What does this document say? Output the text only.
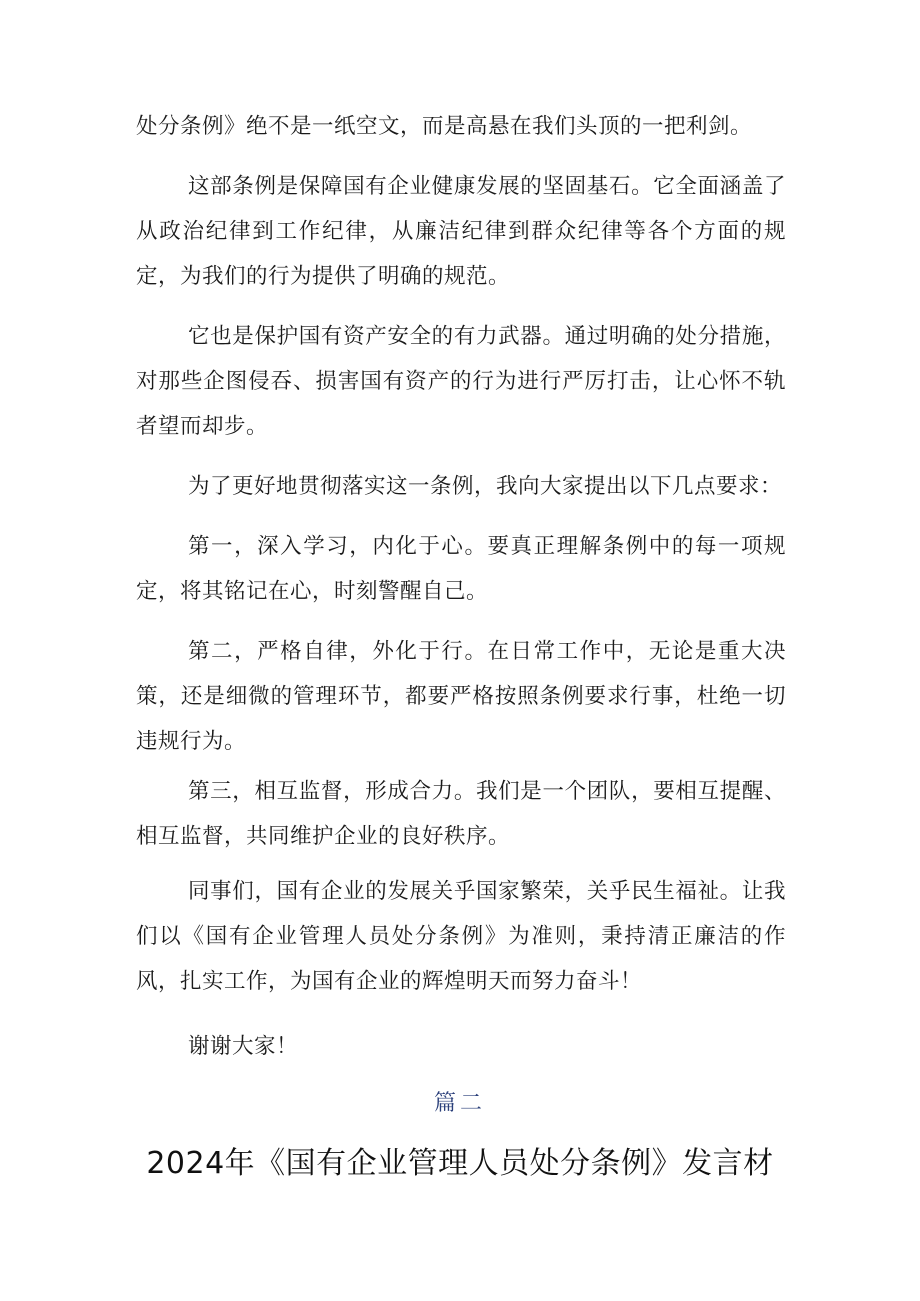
处分条例》绝不是一纸空文，而是高悬在我们头顶的一把利剑。

这部条例是保障国有企业健康发展的坚固基石。它全面涵盖了从政治纪律到工作纪律，从廉洁纪律到群众纪律等各个方面的规定，为我们的行为提供了明确的规范。

它也是保护国有资产安全的有力武器。通过明确的处分措施，对那些企图侵吞、损害国有资产的行为进行严厉打击，让心怀不轨者望而却步。

为了更好地贯彻落实这一条例，我向大家提出以下几点要求：

第一，深入学习，内化于心。要真正理解条例中的每一项规定，将其铭记在心，时刻警醒自己。

第二，严格自律，外化于行。在日常工作中，无论是重大决策，还是细微的管理环节，都要严格按照条例要求行事，杜绝一切违规行为。

第三，相互监督，形成合力。我们是一个团队，要相互提醒、相互监督，共同维护企业的良好秩序。

同事们，国有企业的发展关乎国家繁荣，关乎民生福祉。让我们以《国有企业管理人员处分条例》为准则，秉持清正廉洁的作风，扎实工作，为国有企业的辉煌明天而努力奋斗！

谢谢大家！

篇二
2024年《国有企业管理人员处分条例》发言材
